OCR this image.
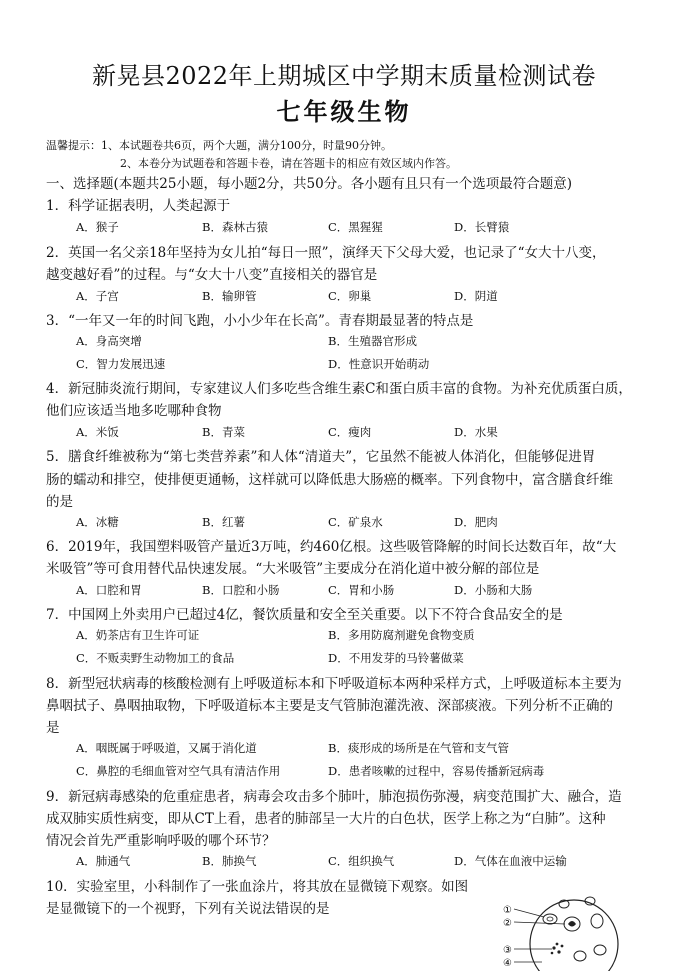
新晃县2022年上期城区中学期末质量检测试卷
七年级生物
温馨提示：1、本试题卷共6页，两个大题，满分100分，时量90分钟。
2、本卷分为试题卷和答题卡卷，请在答题卡的相应有效区域内作答。
一、选择题(本题共25小题，每小题2分，共50分。各小题有且只有一个选项最符合题意)
1．科学证据表明，人类起源于
A．猴子	B．森林古猿	C．黑猩猩	D．长臂猿
2．英国一名父亲18年坚持为女儿拍“每日一照”，演绎天下父母大爱，也记录了“女大十八变，
越变越好看”的过程。与“女大十八变”直接相关的器官是
A．子宫	B．输卵管	C．卵巢	D．阴道
3．“一年又一年的时间飞跑，小小少年在长高”。青春期最显著的特点是
A．身高突增	B．生殖器官形成
C．智力发展迅速	D．性意识开始萌动
4．新冠肺炎流行期间，专家建议人们多吃些含维生素C和蛋白质丰富的食物。为补充优质蛋白质，
他们应该适当地多吃哪种食物
A．米饭	B．青菜	C．瘦肉	D．水果
5．膳食纤维被称为“第七类营养素”和人体“清道夫”，它虽然不能被人体消化，但能够促进胃
肠的蠕动和排空，使排便更通畅，这样就可以降低患大肠癌的概率。下列食物中，富含膳食纤维
的是
A．冰糖	B．红薯	C．矿泉水	D．肥肉
6．2019年，我国塑料吸管产量近3万吨，约460亿根。这些吸管降解的时间长达数百年，故“大
米吸管”等可食用替代品快速发展。“大米吸管”主要成分在消化道中被分解的部位是
A．口腔和胃	B．口腔和小肠	C．胃和小肠	D．小肠和大肠
7．中国网上外卖用户已超过4亿，餐饮质量和安全至关重要。以下不符合食品安全的是
A．奶茶店有卫生许可证	B．多用防腐剂避免食物变质
C．不贩卖野生动物加工的食品	D．不用发芽的马铃薯做菜
8．新型冠状病毒的核酸检测有上呼吸道标本和下呼吸道标本两种采样方式，上呼吸道标本主要为
鼻咽拭子、鼻咽抽取物，下呼吸道标本主要是支气管肺泡灌洗液、深部痰液。下列分析不正确的
是
A．咽既属于呼吸道，又属于消化道	B．痰形成的场所是在气管和支气管
C．鼻腔的毛细血管对空气具有清洁作用	D．患者咳嗽的过程中，容易传播新冠病毒
9．新冠病毒感染的危重症患者，病毒会攻击多个肺叶，肺泡损伤弥漫，病变范围扩大、融合，造
成双肺实质性病变，即从CT上看，患者的肺部呈一大片的白色状，医学上称之为“白肺”。这种
情况会首先严重影响呼吸的哪个环节？
A．肺通气	B．肺换气	C．组织换气	D．气体在血液中运输
10．实验室里，小科制作了一张血涂片，将其放在显微镜下观察。如图
是显微镜下的一个视野，下列有关说法错误的是	①
②
③
④
